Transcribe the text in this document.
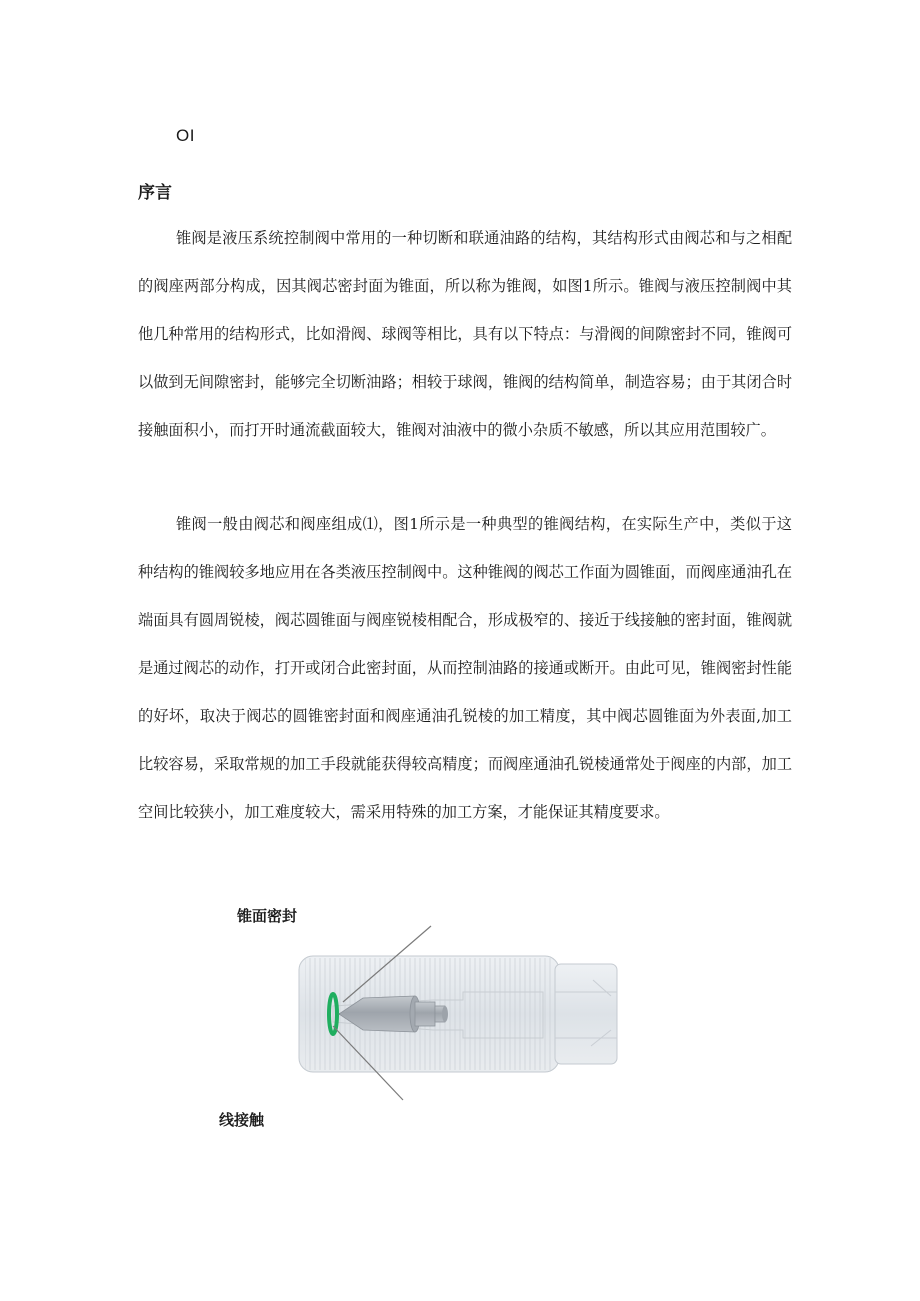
OI
序言

锥阀是液压系统控制阀中常用的一种切断和联通油路的结构，其结构形式由阀芯和与之相配的阀座两部分构成，因其阀芯密封面为锥面，所以称为锥阀，如图1所示。锥阀与液压控制阀中其他几种常用的结构形式，比如滑阀、球阀等相比，具有以下特点：与滑阀的间隙密封不同，锥阀可以做到无间隙密封，能够完全切断油路；相较于球阀，锥阀的结构简单，制造容易；由于其闭合时接触面积小，而打开时通流截面较大，锥阀对油液中的微小杂质不敏感，所以其应用范围较广。

锥阀一般由阀芯和阀座组成⑴，图1所示是一种典型的锥阀结构，在实际生产中，类似于这种结构的锥阀较多地应用在各类液压控制阀中。这种锥阀的阀芯工作面为圆锥面，而阀座通油孔在端面具有圆周锐棱，阀芯圆锥面与阀座锐棱相配合，形成极窄的、接近于线接触的密封面，锥阀就是通过阀芯的动作，打开或闭合此密封面，从而控制油路的接通或断开。由此可见，锥阀密封性能的好坏，取决于阀芯的圆锥密封面和阀座通油孔锐棱的加工精度，其中阀芯圆锥面为外表面,加工比较容易，采取常规的加工手段就能获得较高精度；而阀座通油孔锐棱通常处于阀座的内部，加工空间比较狭小，加工难度较大，需采用特殊的加工方案，才能保证其精度要求。

锥面密封
线接触
